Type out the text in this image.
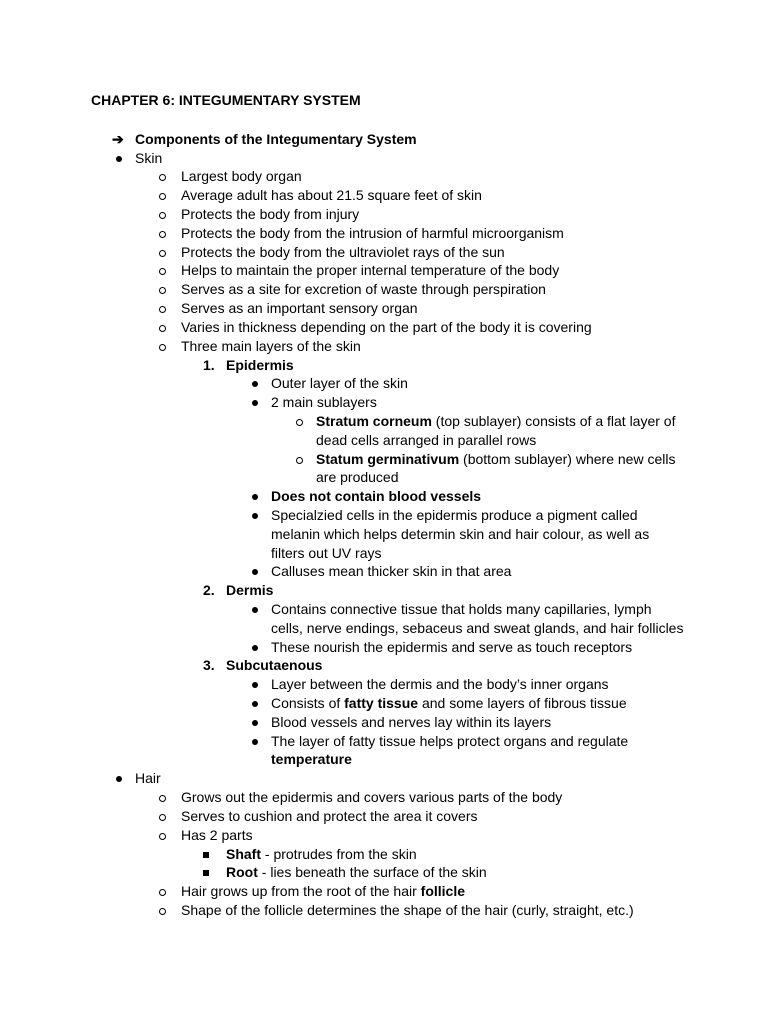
CHAPTER 6: INTEGUMENTARY SYSTEM
➔ Components of the Integumentary System
Skin
Largest body organ
Average adult has about 21.5 square feet of skin
Protects the body from injury
Protects the body from the intrusion of harmful microorganism
Protects the body from the ultraviolet rays of the sun
Helps to maintain the proper internal temperature of the body
Serves as a site for excretion of waste through perspiration
Serves as an important sensory organ
Varies in thickness depending on the part of the body it is covering
Three main layers of the skin
1. Epidermis
Outer layer of the skin
2 main sublayers
Stratum corneum (top sublayer) consists of a flat layer of
dead cells arranged in parallel rows
Statum germinativum (bottom sublayer) where new cells
are produced
Does not contain blood vessels
Specialzied cells in the epidermis produce a pigment called
melanin which helps determin skin and hair colour, as well as
filters out UV rays
Calluses mean thicker skin in that area
2. Dermis
Contains connective tissue that holds many capillaries, lymph
cells, nerve endings, sebaceus and sweat glands, and hair follicles
These nourish the epidermis and serve as touch receptors
3. Subcutaenous
Layer between the dermis and the body’s inner organs
Consists of fatty tissue and some layers of fibrous tissue
Blood vessels and nerves lay within its layers
The layer of fatty tissue helps protect organs and regulate
temperature
Hair
Grows out the epidermis and covers various parts of the body
Serves to cushion and protect the area it covers
Has 2 parts
Shaft - protrudes from the skin
Root - lies beneath the surface of the skin
Hair grows up from the root of the hair follicle
Shape of the follicle determines the shape of the hair (curly, straight, etc.)
